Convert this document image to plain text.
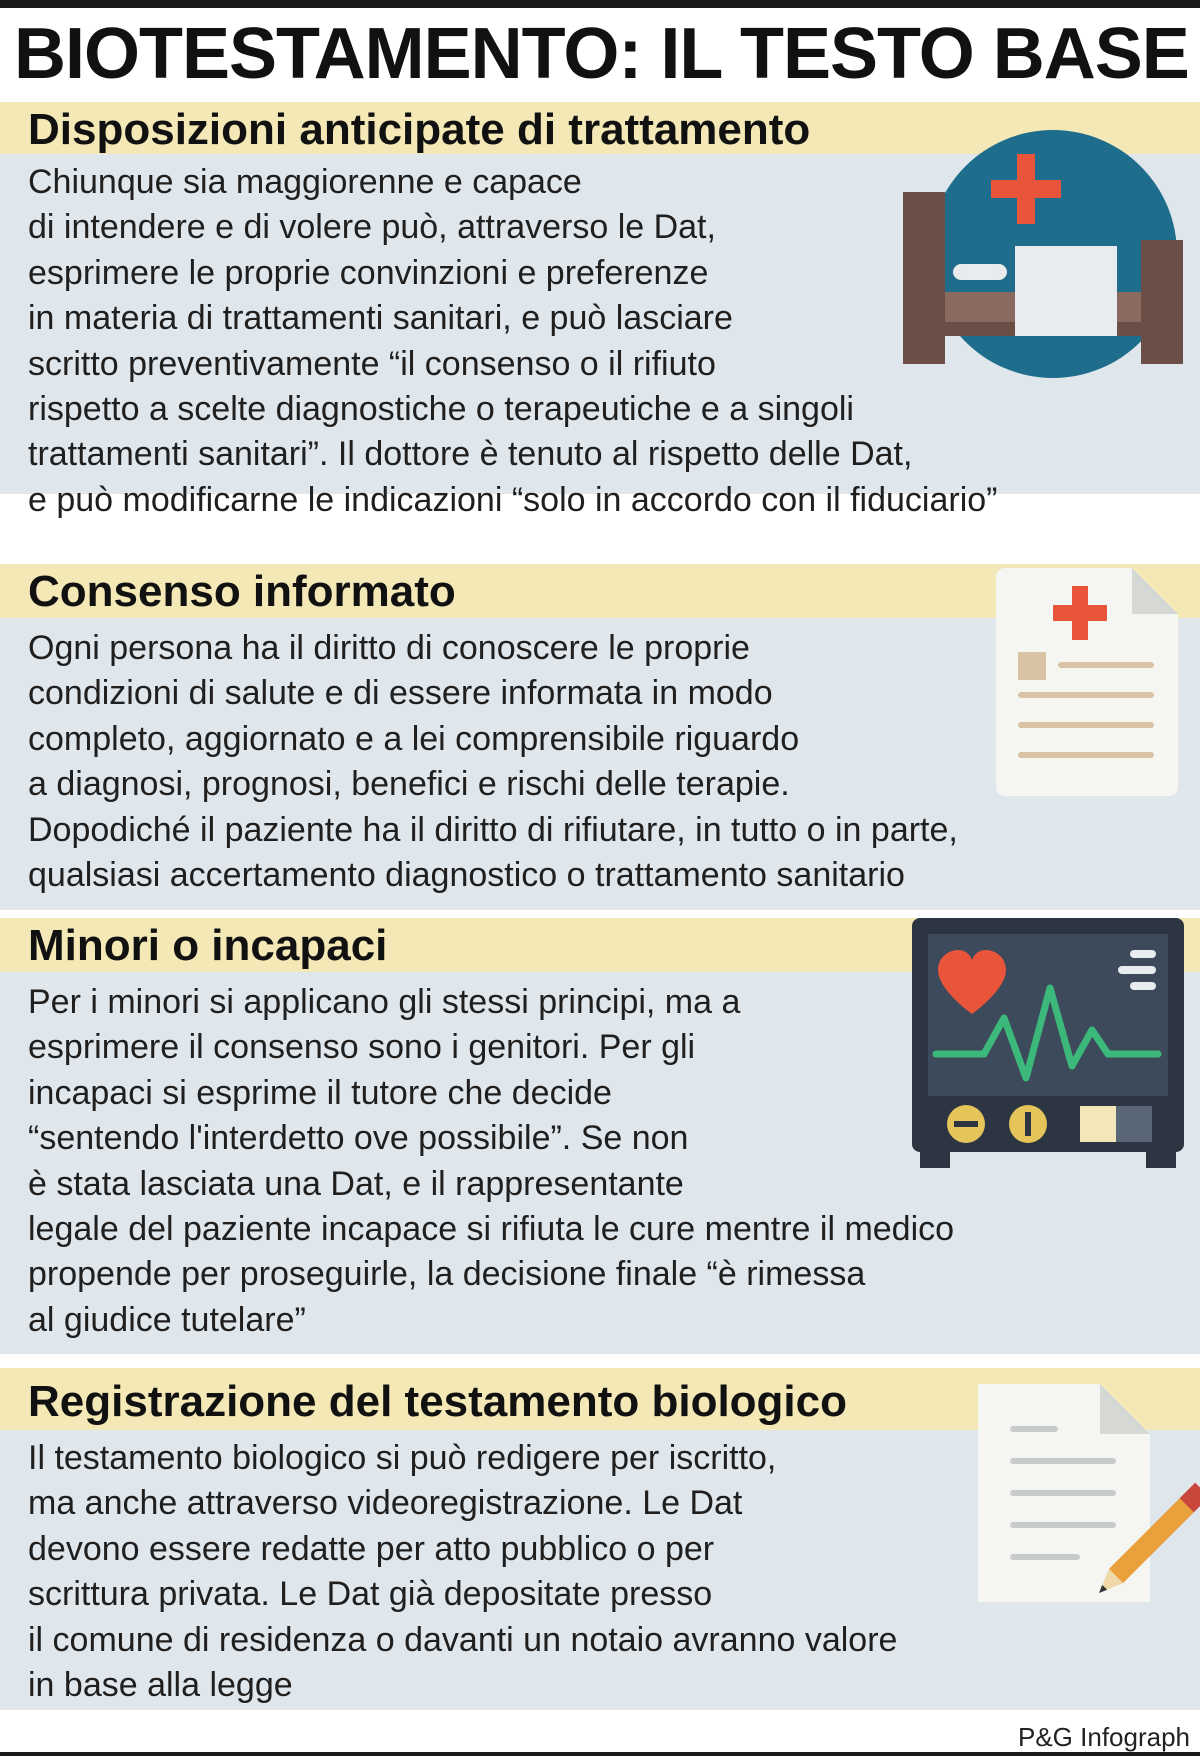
BIOTESTAMENTO: IL TESTO BASE
Disposizioni anticipate di trattamento
Chiunque sia maggiorenne e capace
di intendere e di volere può, attraverso le Dat,
esprimere le proprie convinzioni e preferenze
in materia di trattamenti sanitari, e può lasciare
scritto preventivamente “il consenso o il rifiuto
rispetto a scelte diagnostiche o terapeutiche e a singoli
trattamenti sanitari”. Il dottore è tenuto al rispetto delle Dat,
e può modificarne le indicazioni “solo in accordo con il fiduciario”
Consenso informato
Ogni persona ha il diritto di conoscere le proprie
condizioni di salute e di essere informata in modo
completo, aggiornato e a lei comprensibile riguardo
a diagnosi, prognosi, benefici e rischi delle terapie.
Dopodiché il paziente ha il diritto di rifiutare, in tutto o in parte,
qualsiasi accertamento diagnostico o trattamento sanitario
Minori o incapaci
Per i minori si applicano gli stessi principi, ma a
esprimere il consenso sono i genitori. Per gli
incapaci si esprime il tutore che decide
“sentendo l'interdetto ove possibile”. Se non
è stata lasciata una Dat, e il rappresentante
legale del paziente incapace si rifiuta le cure mentre il medico
propende per proseguirle, la decisione finale “è rimessa
al giudice tutelare”
Registrazione del testamento biologico
Il testamento biologico si può redigere per iscritto,
ma anche attraverso videoregistrazione. Le Dat
devono essere redatte per atto pubblico o per
scrittura privata. Le Dat già depositate presso
il comune di residenza o davanti un notaio avranno valore
in base alla legge
P&G Infograph
